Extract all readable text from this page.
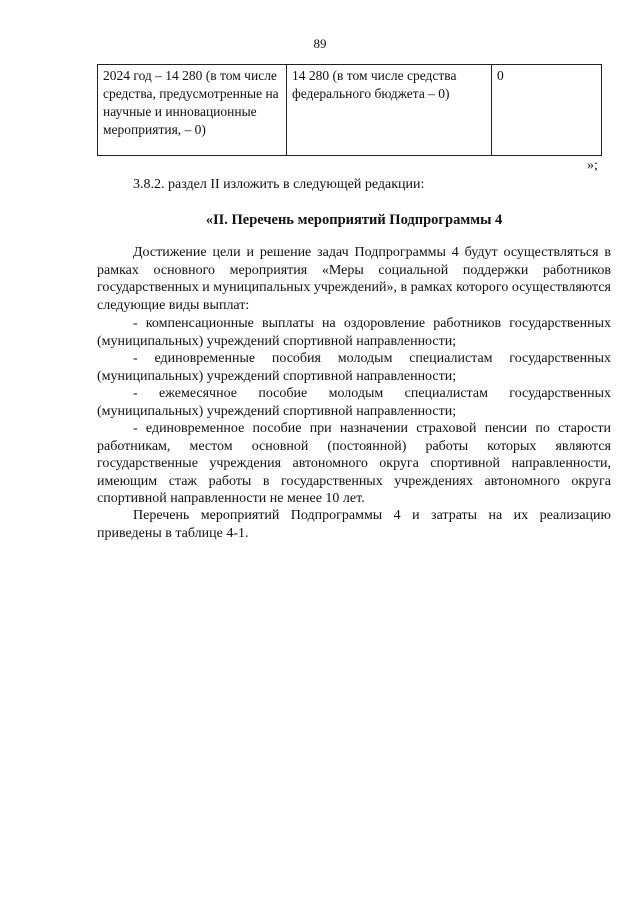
89
2024 год – 14 280 (в том числе средства, предусмотренные на научные и инновационные мероприятия, – 0)	14 280 (в том числе средства федерального бюджета – 0)	0
»;
3.8.2. раздел II изложить в следующей редакции:
«II. Перечень мероприятий Подпрограммы 4
Достижение цели и решение задач Подпрограммы 4 будут осуществляться в рамках основного мероприятия «Меры социальной поддержки работников государственных и муниципальных учреждений», в рамках которого осуществляются следующие виды выплат:
- компенсационные выплаты на оздоровление работников государственных (муниципальных) учреждений спортивной направленности;
- единовременные пособия молодым специалистам государственных (муниципальных) учреждений спортивной направленности;
- ежемесячное пособие молодым специалистам государственных (муниципальных) учреждений спортивной направленности;
- единовременное пособие при назначении страховой пенсии по старости работникам, местом основной (постоянной) работы которых являются государственные учреждения автономного округа спортивной направленности, имеющим стаж работы в государственных учреждениях автономного округа спортивной направленности не менее 10 лет.
Перечень мероприятий Подпрограммы 4 и затраты на их реализацию приведены в таблице 4-1.
